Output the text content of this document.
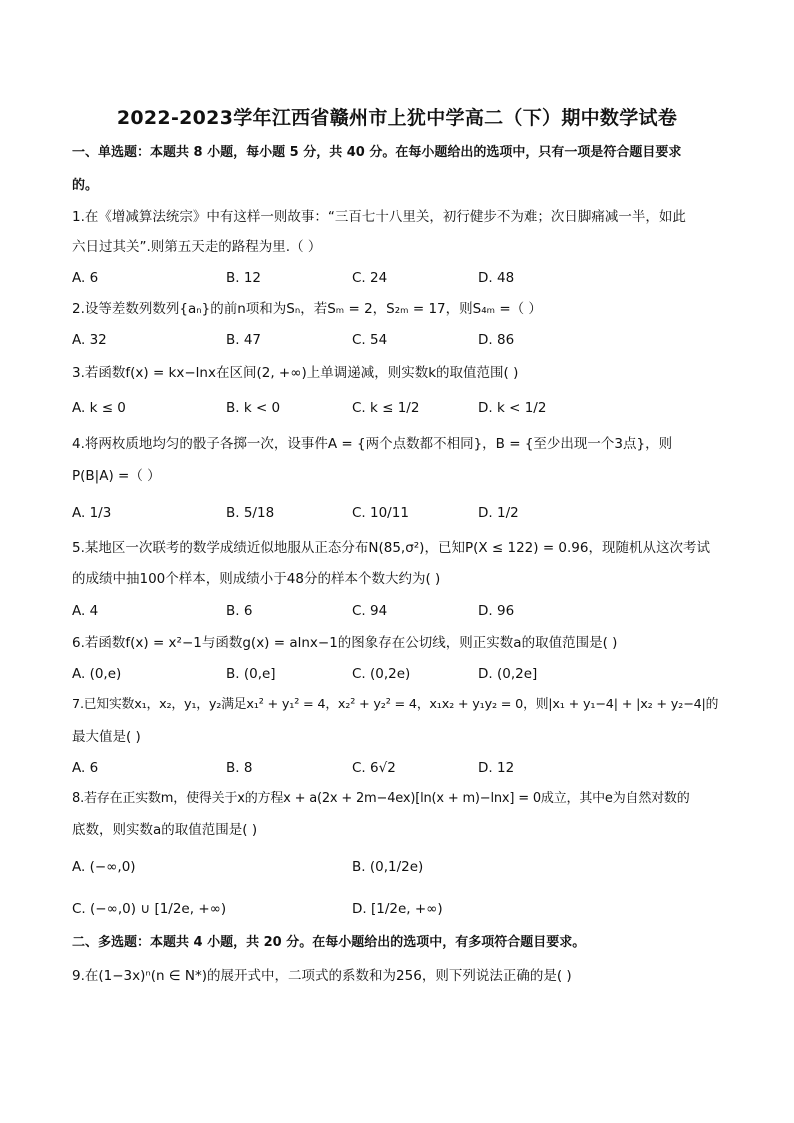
2022-2023学年江西省赣州市上犹中学高二（下）期中数学试卷
一、单选题：本题共 8 小题，每小题 5 分，共 40 分。在每小题给出的选项中，只有一项是符合题目要求
的。
1.在《增减算法统宗》中有这样一则故事：“三百七十八里关，初行健步不为难；次日脚痛减一半，如此
六日过其关”.则第五天走的路程为里.（ ）
A. 6	B. 12	C. 24	D. 48
2.设等差数列数列{aₙ}的前n项和为Sₙ，若Sₘ = 2，S₂ₘ = 17，则S₄ₘ =（ ）
A. 32	B. 47	C. 54	D. 86
3.若函数f(x) = kx−lnx在区间(2, +∞)上单调递减，则实数k的取值范围( )
A. k ≤ 0	B. k < 0	C. k ≤ 1/2	D. k < 1/2
4.将两枚质地均匀的骰子各掷一次，设事件A = {两个点数都不相同}，B = {至少出现一个3点}，则
P(B|A) =（ ）
A. 1/3	B. 5/18	C. 10/11	D. 1/2
5.某地区一次联考的数学成绩近似地服从正态分布N(85,σ²)，已知P(X ≤ 122) = 0.96，现随机从这次考试
的成绩中抽100个样本，则成绩小于48分的样本个数大约为( )
A. 4	B. 6	C. 94	D. 96
6.若函数f(x) = x²−1与函数g(x) = alnx−1的图象存在公切线，则正实数a的取值范围是( )
A. (0,e)	B. (0,e]	C. (0,2e)	D. (0,2e]
7.已知实数x₁，x₂，y₁，y₂满足x₁² + y₁² = 4，x₂² + y₂² = 4，x₁x₂ + y₁y₂ = 0，则|x₁ + y₁−4| + |x₂ + y₂−4|的
最大值是( )
A. 6	B. 8	C. 6√2	D. 12
8.若存在正实数m，使得关于x的方程x + a(2x + 2m−4ex)[ln(x + m)−lnx] = 0成立，其中e为自然对数的
底数，则实数a的取值范围是( )
A. (−∞,0)	B. (0,1/2e)
C. (−∞,0) ∪ [1/2e, +∞)	D. [1/2e, +∞)
二、多选题：本题共 4 小题，共 20 分。在每小题给出的选项中，有多项符合题目要求。
9.在(1−3x)ⁿ(n ∈ N*)的展开式中，二项式的系数和为256，则下列说法正确的是( )
